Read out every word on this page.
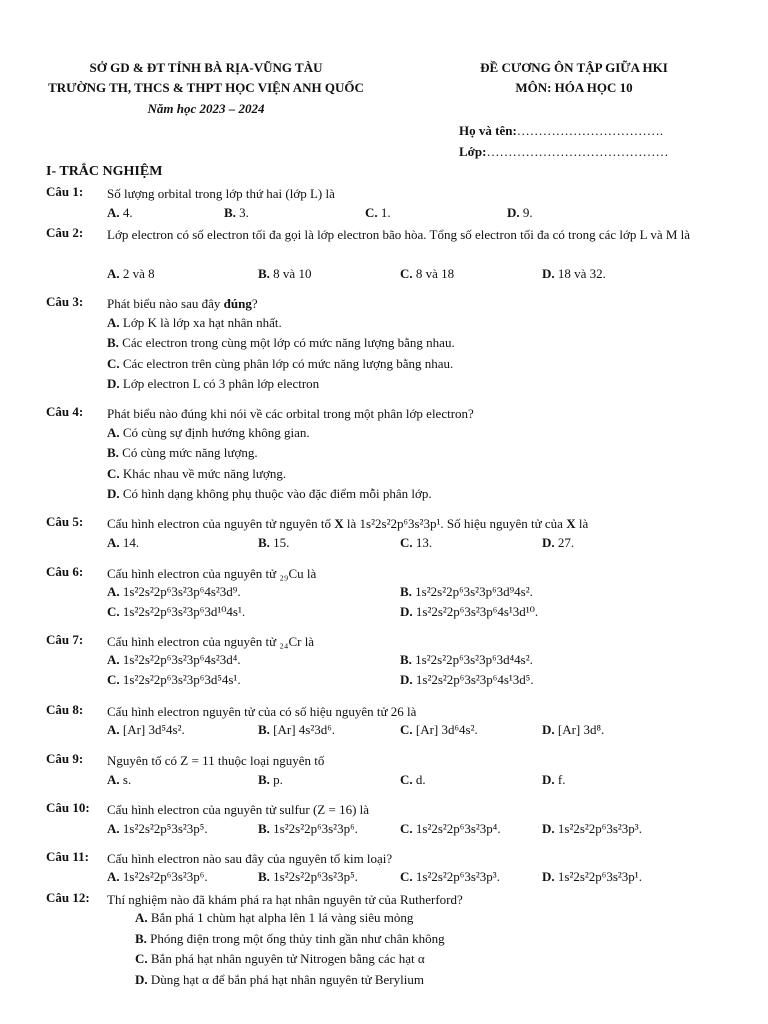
SỞ GD & ĐT TỈNH BÀ RỊA-VŨNG TÀU
TRƯỜNG TH, THCS & THPT HỌC VIỆN ANH QUỐC
Năm học 2023 – 2024
ĐỀ CƯƠNG ÔN TẬP GIỮA HKI
MÔN: HÓA HỌC 10
Họ và tên:…………………………….
Lớp:……………………………………
I- TRẮC NGHIỆM
Câu 1: Số lượng orbital trong lớp thứ hai (lớp L) là
A. 4.	B. 3.	C. 1.	D. 9.
Câu 2: Lớp electron có số electron tối đa gọi là lớp electron bão hòa. Tổng số electron tối đa có trong các lớp L và M là
A. 2 và 8	B. 8 và 10	C. 8 và 18	D. 18 và 32.
Câu 3: Phát biểu nào sau đây đúng?
A. Lớp K là lớp xa hạt nhân nhất.
B. Các electron trong cùng một lớp có mức năng lượng bằng nhau.
C. Các electron trên cùng phân lớp có mức năng lượng bằng nhau.
D. Lớp electron L có 3 phân lớp electron
Câu 4: Phát biểu nào đúng khi nói về các orbital trong một phân lớp electron?
A. Có cùng sự định hướng không gian.
B. Có cùng mức năng lượng.
C. Khác nhau về mức năng lượng.
D. Có hình dạng không phụ thuộc vào đặc điểm mỗi phân lớp.
Câu 5: Cấu hình electron của nguyên tử nguyên tố X là 1s²2s²2p⁶3s²3p¹. Số hiệu nguyên tử của X là
A. 14.	B. 15.	C. 13.	D. 27.
Câu 6: Cấu hình electron của nguyên tử ₂₉Cu là
A. 1s²2s²2p⁶3s²3p⁶4s²3d⁹.	B. 1s²2s²2p⁶3s²3p⁶3d⁹4s².
C. 1s²2s²2p⁶3s²3p⁶3d¹⁰4s¹.	D. 1s²2s²2p⁶3s²3p⁶4s¹3d¹⁰.
Câu 7: Cấu hình electron của nguyên tử ₂₄Cr là
A. 1s²2s²2p⁶3s²3p⁶4s²3d⁴.	B. 1s²2s²2p⁶3s²3p⁶3d⁴4s².
C. 1s²2s²2p⁶3s²3p⁶3d⁵4s¹.	D. 1s²2s²2p⁶3s²3p⁶4s¹3d⁵.
Câu 8: Cấu hình electron nguyên tử của có số hiệu nguyên tử 26 là
A. [Ar] 3d⁵4s².	B. [Ar] 4s²3d⁶.	C. [Ar] 3d⁶4s².	D. [Ar] 3d⁸.
Câu 9: Nguyên tố có Z = 11 thuộc loại nguyên tố
A. s.	B. p.	C. d.	D. f.
Câu 10: Cấu hình electron của nguyên tử sulfur (Z = 16) là
A. 1s²2s²2p⁵3s²3p⁵.	B. 1s²2s²2p⁶3s²3p⁶.	C. 1s²2s²2p⁶3s²3p⁴.	D. 1s²2s²2p⁶3s²3p³.
Câu 11: Cấu hình electron nào sau đây của nguyên tố kim loại?
A. 1s²2s²2p⁶3s²3p⁶.	B. 1s²2s²2p⁶3s²3p⁵.	C. 1s²2s²2p⁶3s²3p³.	D. 1s²2s²2p⁶3s²3p¹.
Câu 12: Thí nghiệm nào đã khám phá ra hạt nhân nguyên tử của Rutherford?
A. Bắn phá 1 chùm hạt alpha lên 1 lá vàng siêu mỏng
B. Phóng điện trong một ống thủy tinh gần như chân không
C. Bắn phá hạt nhân nguyên tử Nitrogen bằng các hạt α
D. Dùng hạt α để bắn phá hạt nhân nguyên tử Berylium
